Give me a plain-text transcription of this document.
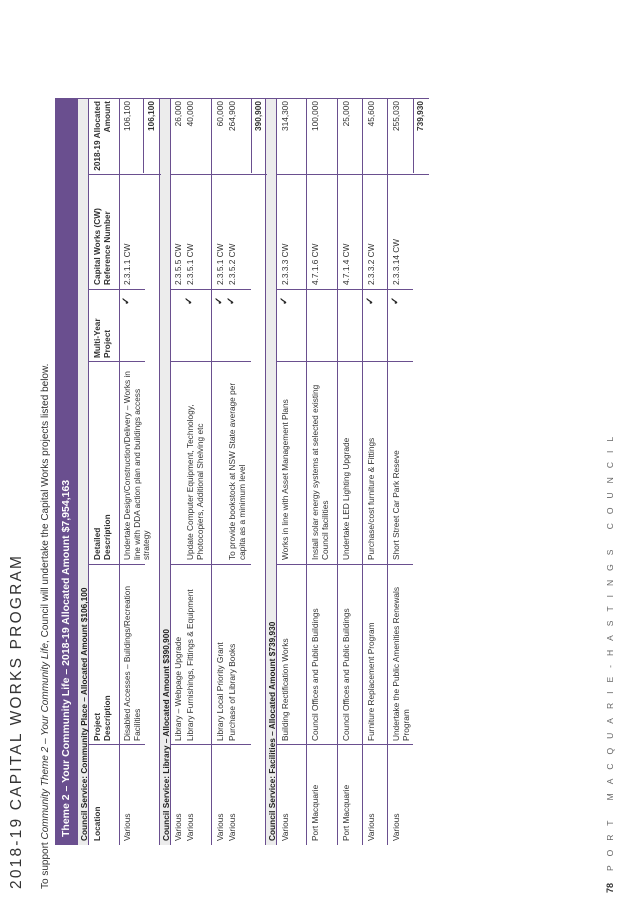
2018-19 CAPITAL WORKS PROGRAM To support Community Theme 2 – Your Community Life, Council will undertake the Capital Works projects listed below. Theme 2 – Your Community Life – 2018-19 Allocated Amount $7,954,163 Council Service: Community Place – Allocated Amount $106,100 Location
Project Description
Detailed Description
Multi-Year Project
Capital Works (CW) Reference Number
2018-19 Allocated Amount
Various
Disabled Accesses – Buildings/Recreation Facilities
Undertake Design/Construction/Delivery – Works in line with DDA action plan and buildings access strategy
✓
2.3.1.1 CW
106,100 106,100
Council Service: Library – Allocated Amount $390,900 Various
Library – Webpage Upgrade
2.3.5.5 CW
26,000
Various
Library Furnishings, Fittings & Equipment
Update Computer Equipment, Technology, Photocopiers, Additional Shelving etc
✓
2.3.5.1 CW
40,000
Various
Library Local Priority Grant
✓
2.3.5.1 CW
60,000
Various
Purchase of Library Books
To provide bookstock at NSW State average per capita as a minimum level
✓
2.3.5.2 CW
264,900 390,900
Council Service: Facilities – Allocated Amount $739,930 Various
Building Rectification Works
Works in line with Asset Management Plans
✓
2.3.3.3 CW
314,300
Port Macquarie
Council Offices and Public Buildings
Install solar energy systems at selected existing Council facilities
4.7.1.6 CW
100,000
Port Macquarie
Council Offices and Public Buildings
Undertake LED Lighting Upgrade
4.7.1.4 CW
25,000
Various
Furniture Replacement Program
Purchase/cost furniture & Fittings
✓
2.3.3.2 CW
45,600
Various
Undertake the Public Amenities Renewals Program
Short Street Car Park Reseve
✓
2.3.3.14 CW
255,030 739,930
78
PORT MACQUARIE-HASTINGS COUNCIL
